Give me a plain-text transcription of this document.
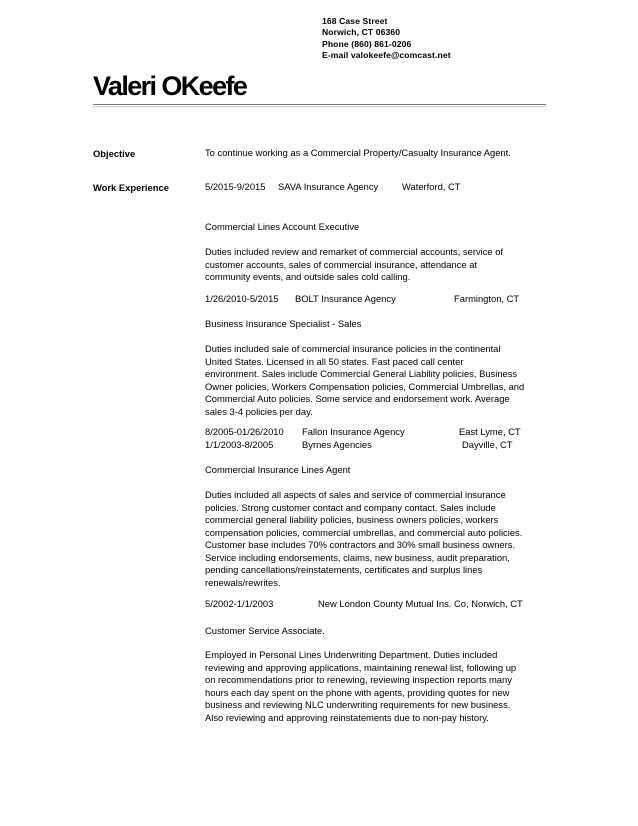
168 Case Street
Norwich, CT 06360
Phone (860) 861-0206
E-mail valokeefe@comcast.net
Valeri OKeefe
Objective	To continue working as a Commercial Property/Casualty Insurance Agent.
Work Experience	5/2015-9/2015 SAVA Insurance Agency	Waterford, CT
Commercial Lines Account Executive

Duties included review and remarket of commercial accounts, service of

customer accounts, sales of commercial insurance, attendance at

community events, and outside sales cold calling.

1/26/2010-5/2015 BOLT Insurance Agency	Farmington, CT
Business Insurance Specialist - Sales

Duties included sale of commercial insurance policies in the continental

United States. Licensed in all 50 states. Fast paced call center

environment. Sales include Commercial General Liability policies, Business

Owner policies, Workers Compensation policies, Commercial Umbrellas, and

Commercial Auto policies. Some service and endorsement work. Average

sales 3-4 policies per day.

8/2005-01/26/2010 Fallon Insurance Agency	East Lyme, CT
1/1/2003-8/2005	Byrnes Agencies	Dayville, CT
Commercial Insurance Lines Agent

Duties included all aspects of sales and service of commercial insurance

policies. Strong customer contact and company contact. Sales include

commercial general liability policies, business owners policies, workers

compensation policies, commercial umbrellas, and commercial auto policies.

Customer base includes 70% contractors and 30% small business owners.

Service including endorsements, claims, new business, audit preparation,

pending cancellations/reinstatements, certificates and surplus lines

renewals/rewrites.

5/2002-1/1/2003	New London County Mutual Ins. Co, Norwich, CT
Customer Service Associate.

Employed in Personal Lines Underwriting Department. Duties included

reviewing and approving applications, maintaining renewal list, following up

on recommendations prior to renewing, reviewing inspection reports many

hours each day spent on the phone with agents, providing quotes for new

business and reviewing NLC underwriting requirements for new business.

Also reviewing and approving reinstatements due to non-pay history.
